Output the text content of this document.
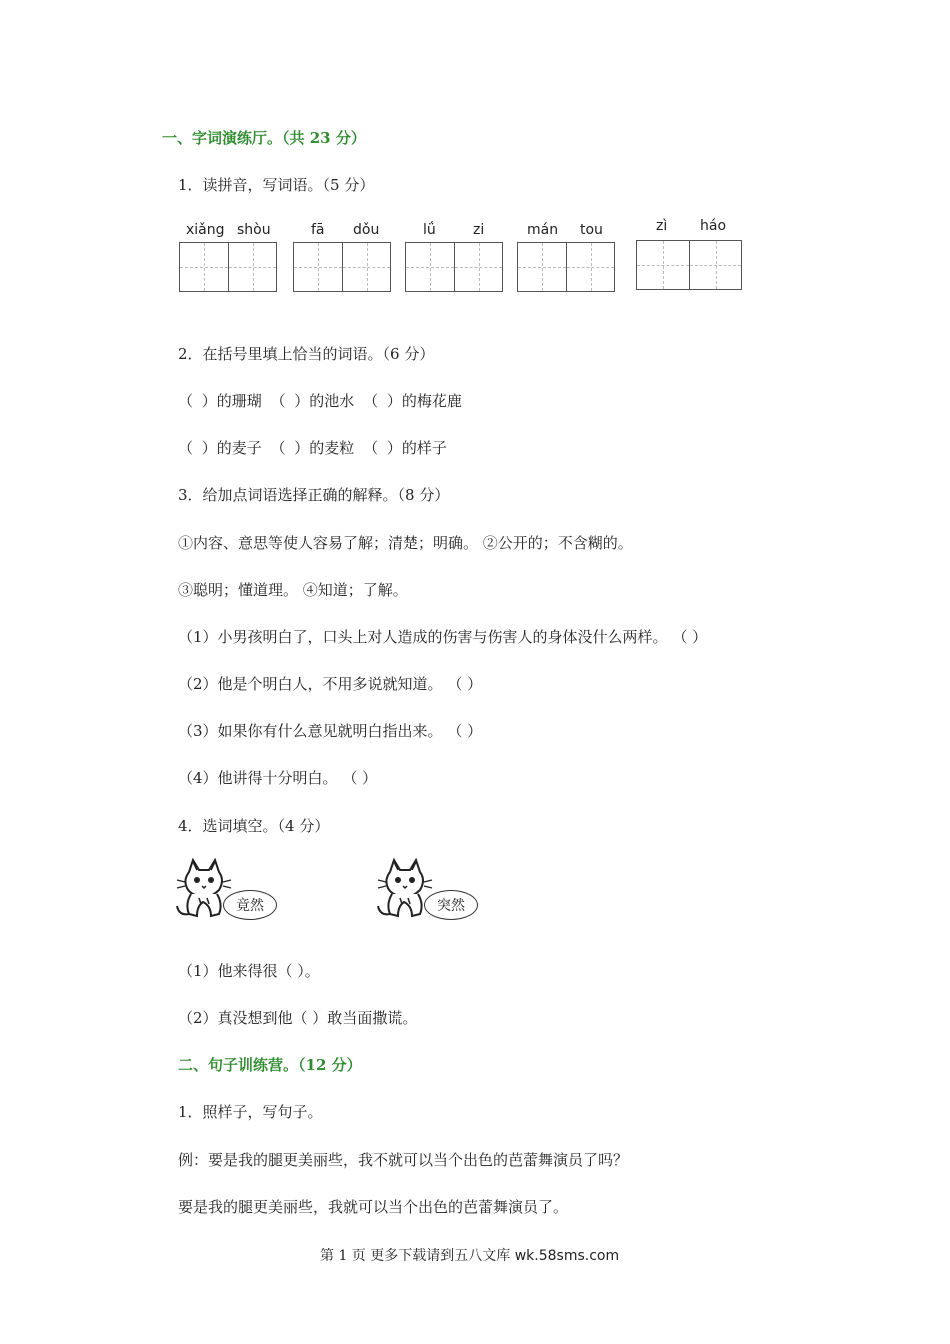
一、字词演练厅。（共 23 分）
1．读拼音，写词语。（5 分）
xiǎng shòu	fā dǒu	lǘ	zi	mán tou	zì háo
2．在括号里填上恰当的词语。（6 分）
（ ）的珊瑚 （ ）的池水 （ ）的梅花鹿
（ ）的麦子 （ ）的麦粒 （ ）的样子
3．给加点词语选择正确的解释。（8 分）
①内容、意思等使人容易了解；清楚；明确。 ②公开的；不含糊的。
③聪明；懂道理。 ④知道；了解。
（1）小男孩明白了，口头上对人造成的伤害与伤害人的身体没什么两样。 （ ）
（2）他是个明白人，不用多说就知道。 （ ）
（3）如果你有什么意见就明白指出来。 （ ）
（4）他讲得十分明白。 （ ）
4．选词填空。（4 分）
竟然	突然
（1）他来得很（ ）。
（2）真没想到他（ ）敢当面撒谎。
二、句子训练营。（12 分）
1．照样子，写句子。
例：要是我的腿更美丽些，我不就可以当个出色的芭蕾舞演员了吗？
要是我的腿更美丽些，我就可以当个出色的芭蕾舞演员了。
第 1 页 更多下载请到五八文库 wk.58sms.com
